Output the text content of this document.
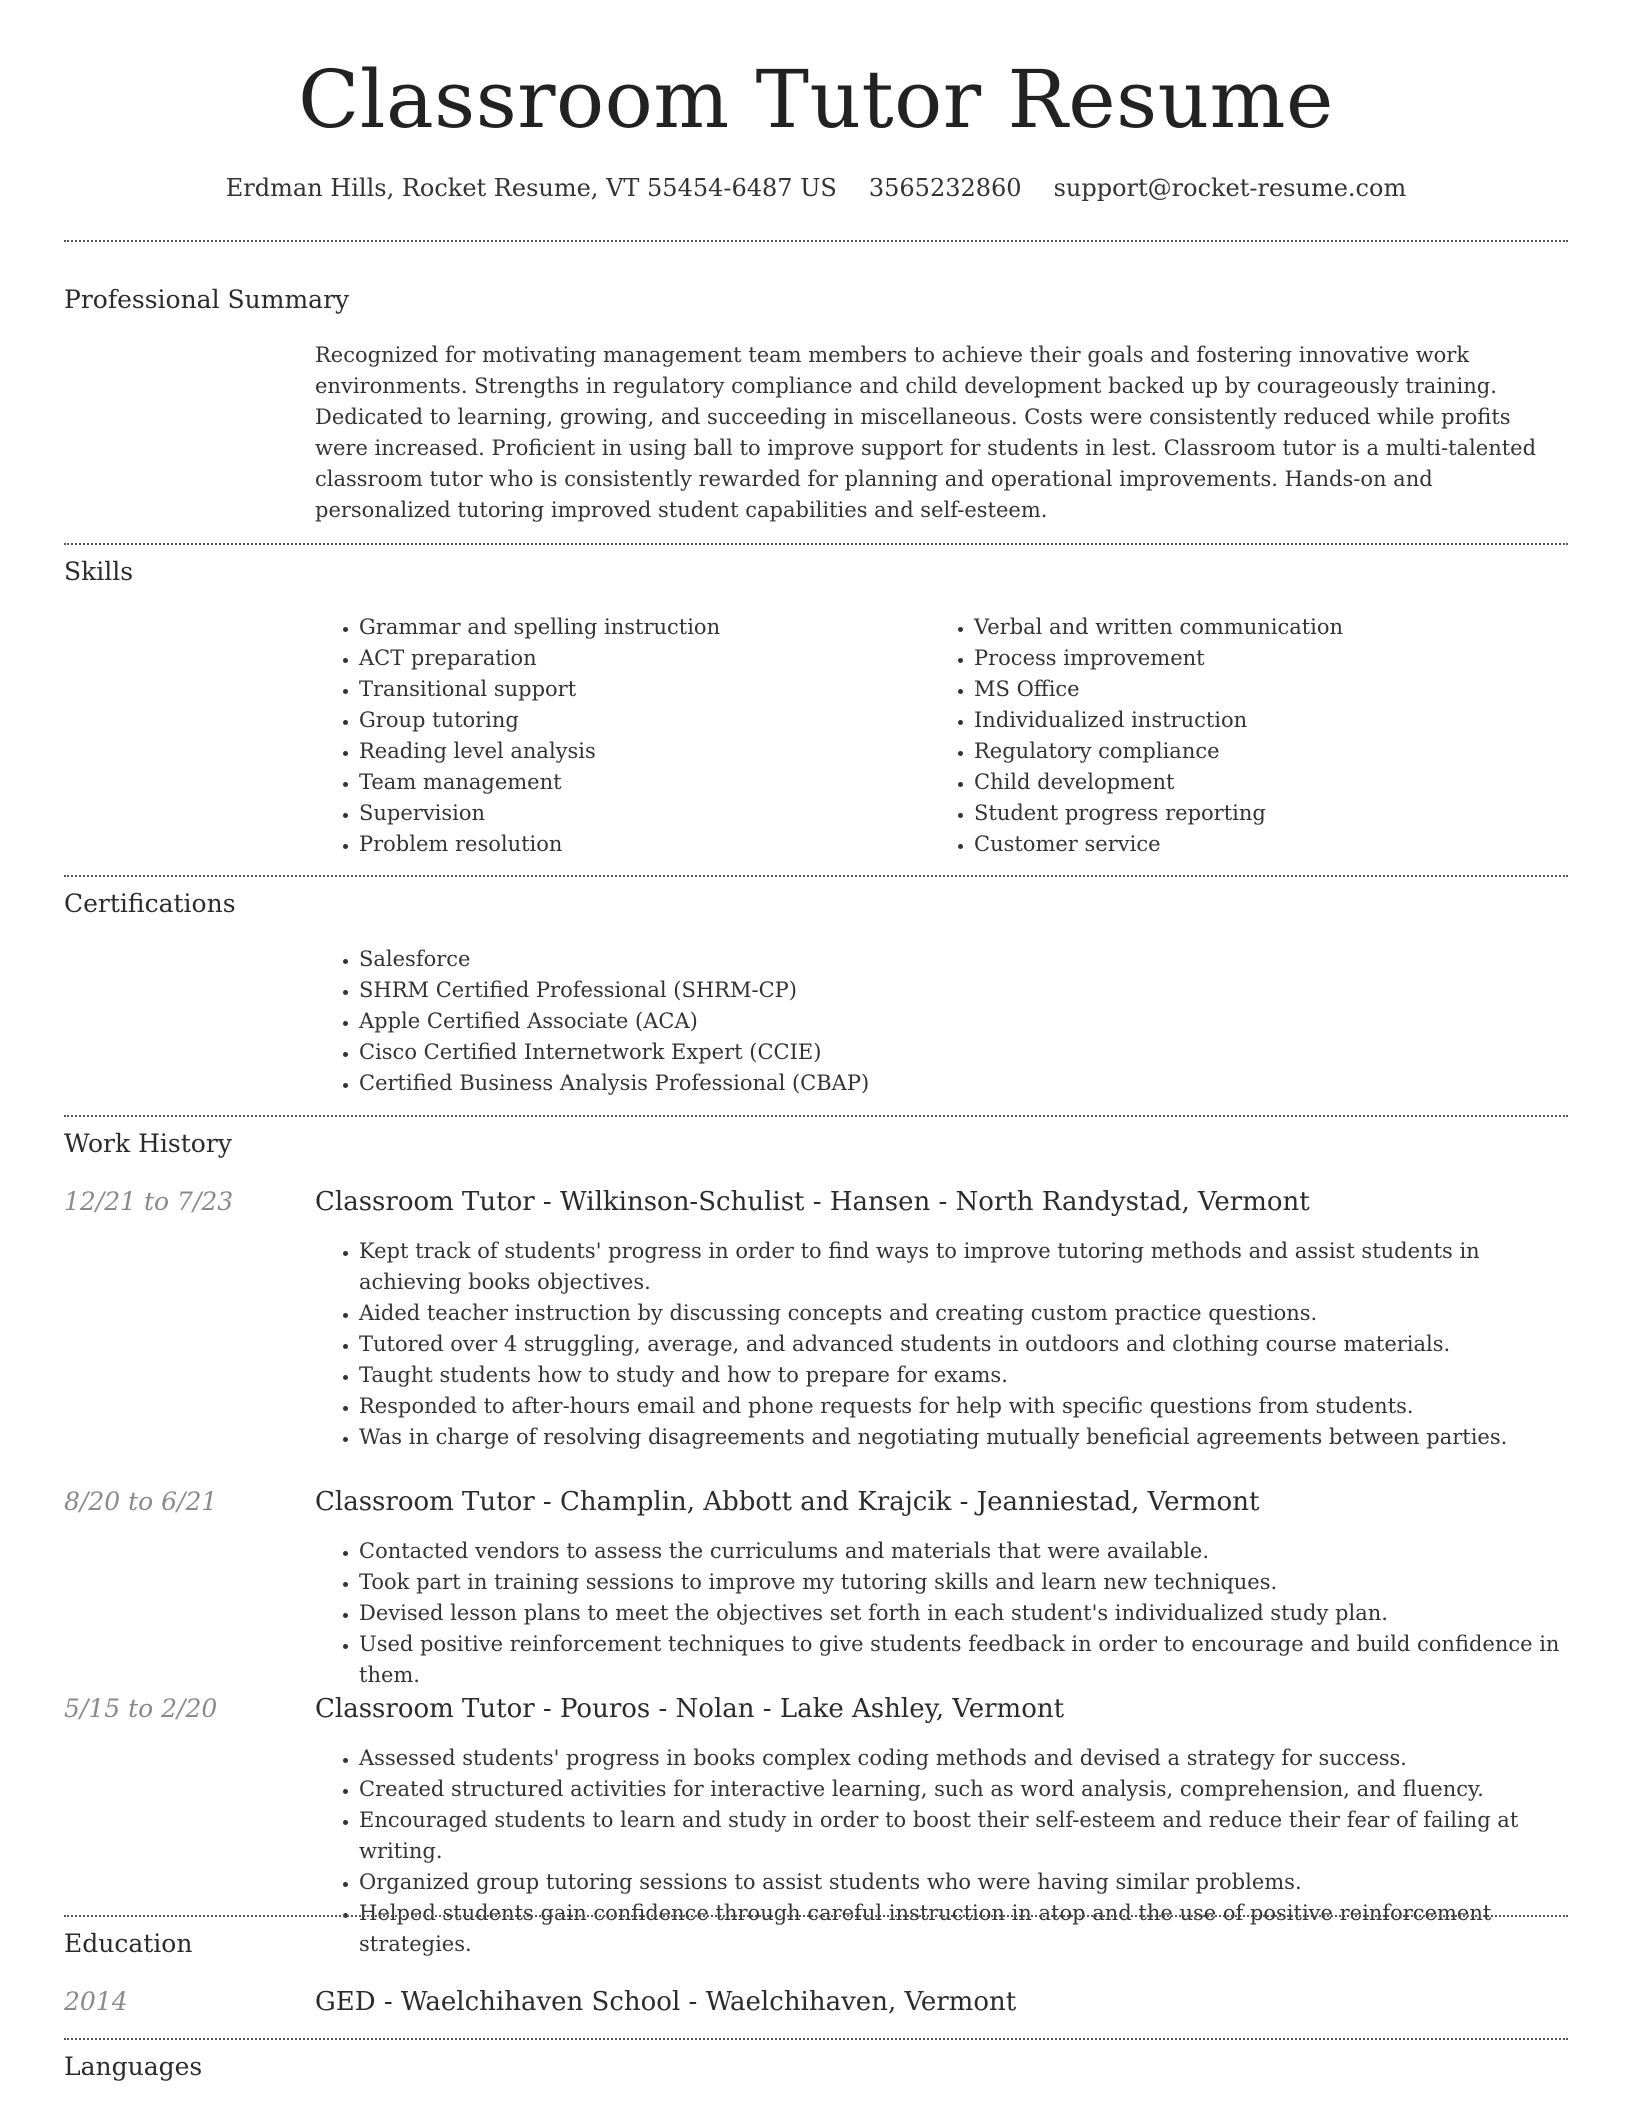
Classroom Tutor Resume
Erdman Hills, Rocket Resume, VT 55454-6487 US 3565232860 support@rocket-resume.com
Professional Summary

Recognized for motivating management team members to achieve their goals and fostering innovative work environments. Strengths in regulatory compliance and child development backed up by courageously training. Dedicated to learning, growing, and succeeding in miscellaneous. Costs were consistently reduced while profits were increased. Proficient in using ball to improve support for students in lest. Classroom tutor is a multi-talented classroom tutor who is consistently rewarded for planning and operational improvements. Hands-on and personalized tutoring improved student capabilities and self-esteem.

Skills
• Grammar and spelling instruction
• ACT preparation
• Transitional support
• Group tutoring
• Reading level analysis
• Team management
• Supervision
• Problem resolution
• Verbal and written communication
• Process improvement
• MS Office
• Individualized instruction
• Regulatory compliance
• Child development
• Student progress reporting
• Customer service
Certifications
• Salesforce
• SHRM Certified Professional (SHRM-CP)
• Apple Certified Associate (ACA)
• Cisco Certified Internetwork Expert (CCIE)
• Certified Business Analysis Professional (CBAP)
Work History
12/21 to 7/23	Classroom Tutor - Wilkinson-Schulist - Hansen - North Randystad, Vermont
• Kept track of students' progress in order to find ways to improve tutoring methods and assist students in achieving books objectives.
• Aided teacher instruction by discussing concepts and creating custom practice questions.
• Tutored over 4 struggling, average, and advanced students in outdoors and clothing course materials.
• Taught students how to study and how to prepare for exams.
• Responded to after-hours email and phone requests for help with specific questions from students.
• Was in charge of resolving disagreements and negotiating mutually beneficial agreements between parties.
8/20 to 6/21	Classroom Tutor - Champlin, Abbott and Krajcik - Jeanniestad, Vermont
• Contacted vendors to assess the curriculums and materials that were available.
• Took part in training sessions to improve my tutoring skills and learn new techniques.
• Devised lesson plans to meet the objectives set forth in each student's individualized study plan.
• Used positive reinforcement techniques to give students feedback in order to encourage and build confidence in them.
5/15 to 2/20	Classroom Tutor - Pouros - Nolan - Lake Ashley, Vermont
• Assessed students' progress in books complex coding methods and devised a strategy for success.
• Created structured activities for interactive learning, such as word analysis, comprehension, and fluency.
• Encouraged students to learn and study in order to boost their self-esteem and reduce their fear of failing at writing.
• Organized group tutoring sessions to assist students who were having similar problems.
• Helped students gain confidence through careful instruction in atop and the use of positive reinforcement strategies.
Education
2014	GED - Waelchihaven School - Waelchihaven, Vermont
Languages
